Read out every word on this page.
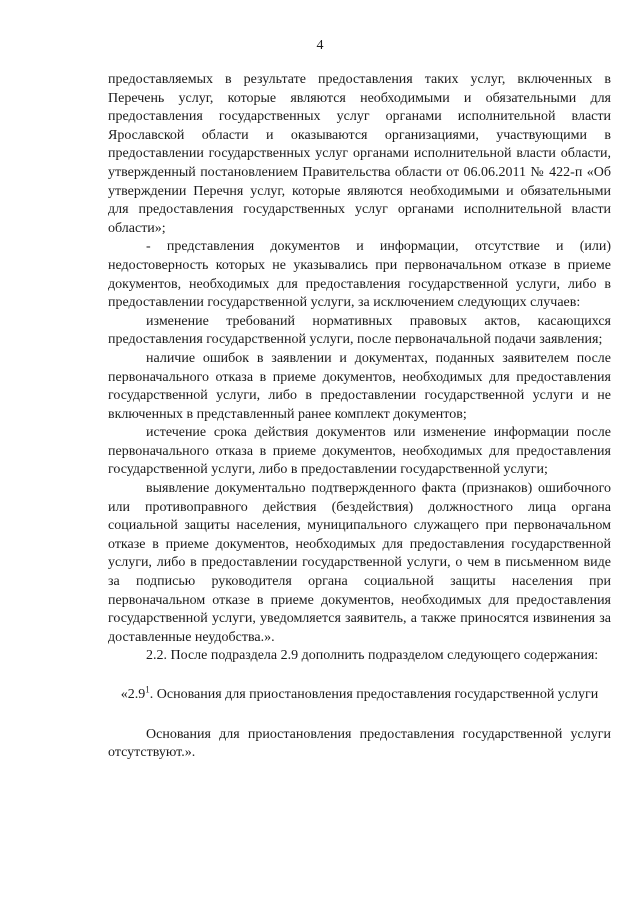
4

предоставляемых в результате предоставления таких услуг, включенных в Перечень услуг, которые являются необходимыми и обязательными для предоставления государственных услуг органами исполнительной власти Ярославской области и оказываются организациями, участвующими в предоставлении государственных услуг органами исполнительной власти области, утвержденный постановлением Правительства области от 06.06.2011 № 422-п «Об утверждении Перечня услуг, которые являются необходимыми и обязательными для предоставления государственных услуг органами исполнительной власти области»;

- представления документов и информации, отсутствие и (или) недостоверность которых не указывались при первоначальном отказе в приеме документов, необходимых для предоставления государственной услуги, либо в предоставлении государственной услуги, за исключением следующих случаев:

изменение требований нормативных правовых актов, касающихся предоставления государственной услуги, после первоначальной подачи заявления;

наличие ошибок в заявлении и документах, поданных заявителем после первоначального отказа в приеме документов, необходимых для предоставления государственной услуги, либо в предоставлении государственной услуги и не включенных в представленный ранее комплект документов;

истечение срока действия документов или изменение информации после первоначального отказа в приеме документов, необходимых для предоставления государственной услуги, либо в предоставлении государственной услуги;

выявление документально подтвержденного факта (признаков) ошибочного или противоправного действия (бездействия) должностного лица органа социальной защиты населения, муниципального служащего при первоначальном отказе в приеме документов, необходимых для предоставления государственной услуги, либо в предоставлении государственной услуги, о чем в письменном виде за подписью руководителя органа социальной защиты населения при первоначальном отказе в приеме документов, необходимых для предоставления государственной услуги, уведомляется заявитель, а также приносятся извинения за доставленные неудобства.».

2.2. После подраздела 2.9 дополнить подразделом следующего содержания:

«$2.9^1$. Основания для приостановления предоставления государственной услуги

Основания для приостановления предоставления государственной услуги отсутствуют.».
